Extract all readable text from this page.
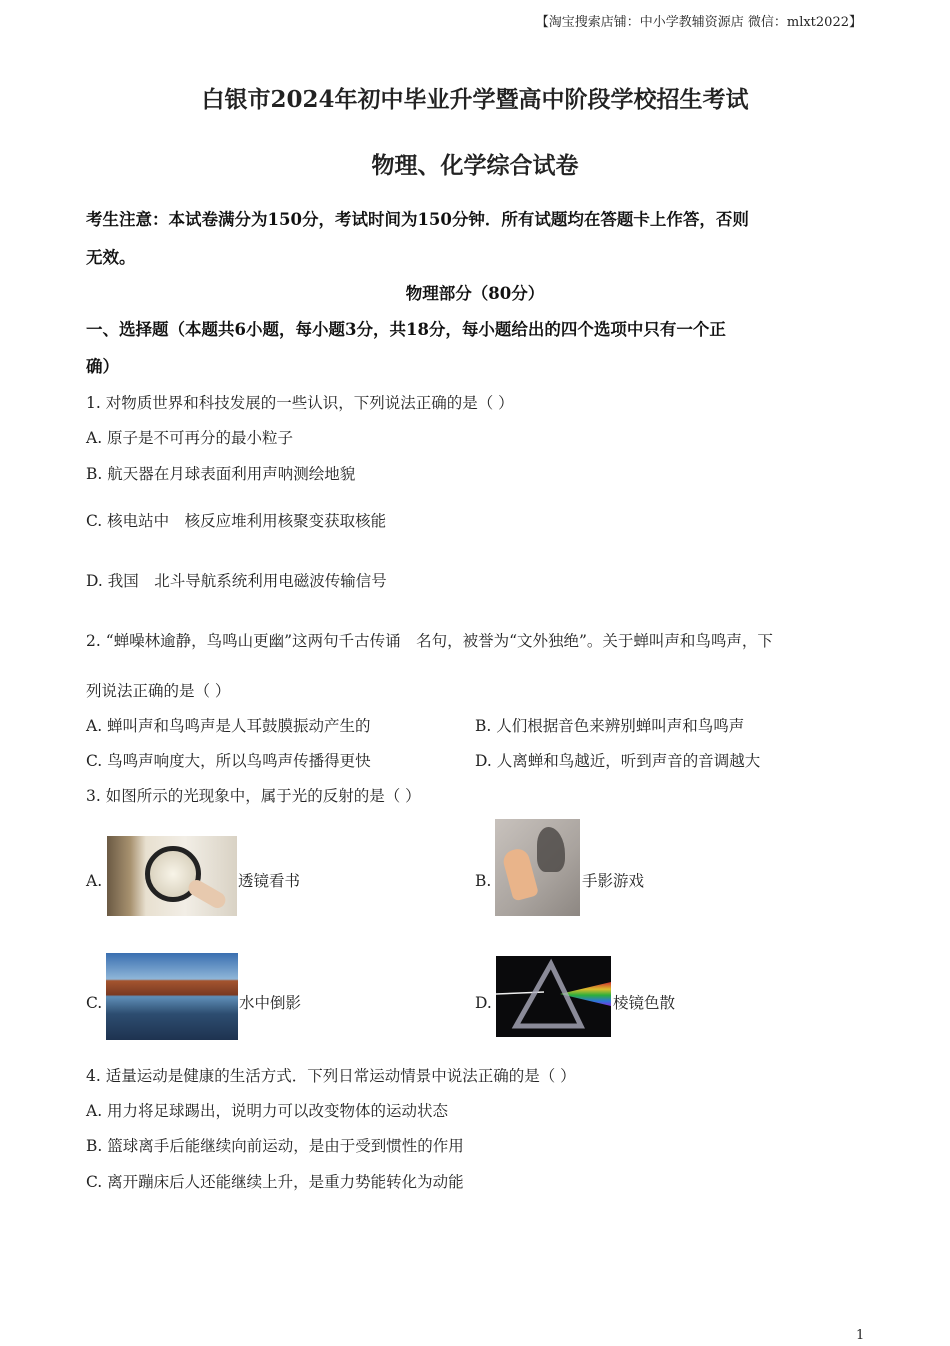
【淘宝搜索店铺：中小学教辅资源店 微信：mlxt2022】
白银市2024年初中毕业升学暨高中阶段学校招生考试
物理、化学综合试卷
考生注意：本试卷满分为150分，考试时间为150分钟．所有试题均在答题卡上作答，否则
无效。
物理部分（80分）
一、选择题（本题共6小题，每小题3分，共18分，每小题给出的四个选项中只有一个正
确）
1. 对物质世界和科技发展的一些认识，下列说法正确的是（ ）
A. 原子是不可再分的最小粒子
B. 航天器在月球表面利用声呐测绘地貌
C. 核电站中　核反应堆利用核聚变获取核能
D. 我国　北斗导航系统利用电磁波传输信号
2. “蝉噪林逾静，鸟鸣山更幽”这两句千古传诵　名句，被誉为“文外独绝”。关于蝉叫声和鸟鸣声，下
列说法正确的是（ ）
A. 蝉叫声和鸟鸣声是人耳鼓膜振动产生的	B. 人们根据音色来辨别蝉叫声和鸟鸣声
C. 鸟鸣声响度大，所以鸟鸣声传播得更快	D. 人离蝉和鸟越近，听到声音的音调越大
3. 如图所示的光现象中，属于光的反射的是（ ）
A.	透镜看书	B.	手影游戏
C.	水中倒影	D.	棱镜色散
4. 适量运动是健康的生活方式．下列日常运动情景中说法正确的是（ ）
A. 用力将足球踢出，说明力可以改变物体的运动状态
B. 篮球离手后能继续向前运动，是由于受到惯性的作用
C. 离开蹦床后人还能继续上升，是重力势能转化为动能
1
